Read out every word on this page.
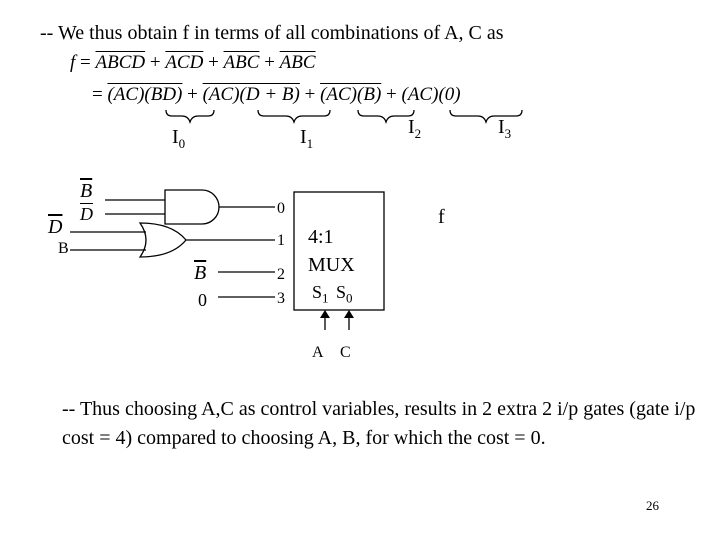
-- We thus obtain f in terms of all combinations of A, C as
f = ABCD + $\overline{ACD} + \overline{ABC} + \overline{ABC}$
= (AC)(BD) + (AC)(D + B) + (AC)(B) + (AC)(0)
$I_0$	$I_1$
$I_2$	$I_3$
$\overline{B}$
$\overline{D}$
$\overline{D}$
B
$\overline{B}$
0
0
1
2
3
4:1
MUX
$S_1$ $S_0$
A C
f
-- Thus choosing A,C as control variables, results in 2 extra 2 i/p gates (gate i/p cost = 4) compared to choosing A, B, for which the cost = 0.
26
